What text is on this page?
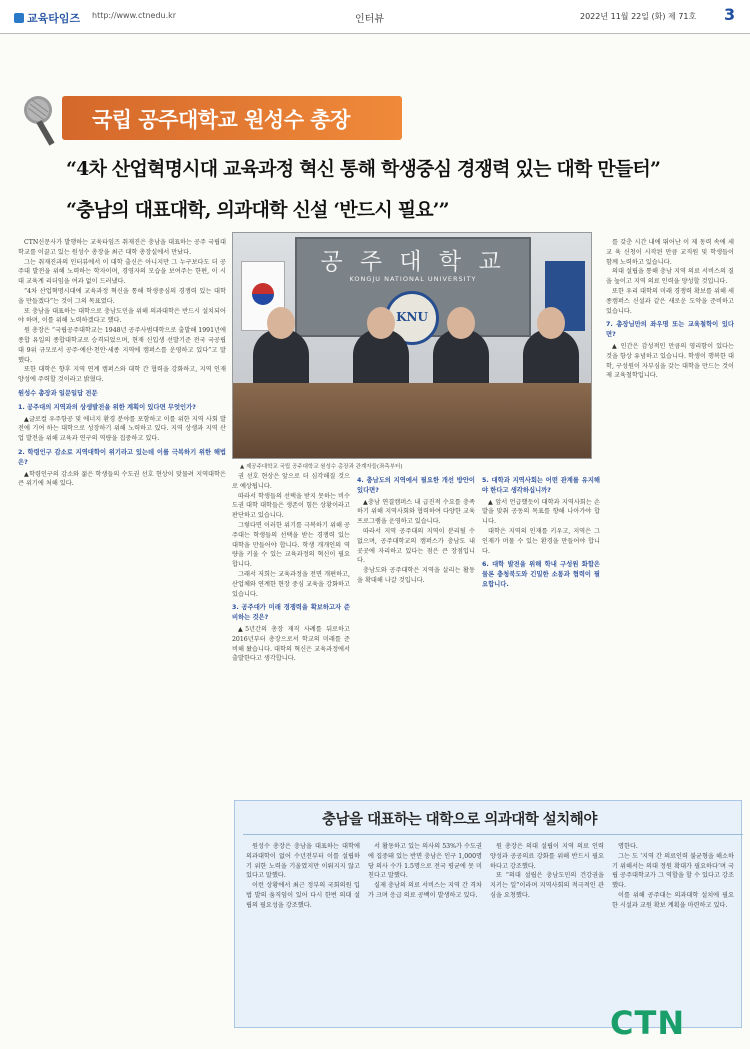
교육타임즈 http://www.ctnedu.kr	인터뷰	2022년 11월 22일 (화) 제 71호 3
국립 공주대학교 원성수 총장
“4차 산업혁명시대 교육과정 혁신 통해 학생중심 경쟁력 있는 대학 만들터”
“충남의 대표대학, 의과대학 신설 ‘반드시 필요’”

CTN신문사가 발행하는 교육타임즈 취재진은 충남을 대표하는 공주 국립대학교를 이끌고 있는 원성수 총장을 최근 대학 총장실에서 만났다.

그는 취재진과의 인터뷰에서 이 대학 출신은 아니지만 그 누구보다도 더 공주대 발전을 위해 노력하는 학자이며, 경영자의 모습을 보여주는 한편, 이 시대 교육계 리더임을 여과 없이 드러냈다.

“4차 산업혁명시대에 교육과정 혁신을 통해 학생중심의 경쟁력 있는 대학을 만들겠다”는 것이 그의 목표였다.

또 충남을 대표하는 대학으로 충남도민을 위해 의과대학은 반드시 설치되어야 하며, 이를 위해 노력하겠다고 했다.

원 총장은 “국립공주대학교는 1948년 공주사범대학으로 출발해 1991년에 종합 유일의 종합대학교로 승격되었으며, 현재 신입생 선발기준 전국 국공립대 9위 규모로서 공주·예산·천안·세종 지역에 캠퍼스를 운영하고 있다”고 말했다.

또한 대학은 향후 지역 연계 캠퍼스와 대학 간 협력을 강화하고, 지역 인재 양성에 주력할 것이라고 밝혔다.

원성수 총장과 일문일답 전문

1. 공주대의 지역과의 상생발전을 위한 계획이 있다면 무엇인가?

▲글로컬 우주항공 및 에너지 환경 분야를 포함하고 이를 위한 지역 사회 발전에 기여 하는 대학으로 성장하기 위해 노력하고 있다. 지역 상생과 지역 산업 발전을 위해 교육과 연구의 역량을 집중하고 있다.

2. 학령인구 감소로 지역대학이 위기라고 있는데 이를 극복하기 위한 해법은?

▲학령인구의 감소와 젊은 학생들의 수도권 선호 현상이 맞물려 지역대학은 큰 위기에 처해 있다.

공 주 대 학 교
KONGJU NATIONAL UNIVERSITY
KNU
▲ 제공주대학교 국립 공주대학교 원성수 총장과 관계자들(좌측부터)

권 선호 현상은 앞으로 더 심각해질 것으로 예상됩니다.

따라서 학생들의 선택을 받지 못하는 비수도권 대학 대학들은 생존이 힘든 상황이라고 판단하고 있습니다.

그렇다면 이러한 위기를 극복하기 위해 공주대는 학생들의 선택을 받는 경쟁력 있는 대학을 만들어야 합니다. 학생 개개인의 역량을 키울 수 있는 교육과정의 혁신이 필요합니다.

그래서 저희는 교육과정을 전면 개편하고, 산업체와 연계한 현장 중심 교육을 강화하고 있습니다.

3. 공주대가 미래 경쟁력을 확보하고자 준비하는 것은?

▲5년간의 총장 재직 사례를 뒤로하고 2016년부터 총장으로서 학교의 미래를 준비해 왔습니다. 대학의 혁신은 교육과정에서 출발한다고 생각합니다.

4. 충남도의 지역에서 필요한 개선 방안이 있다면?

▲충남 연결캠퍼스 내 급진적 수요를 충족하기 위해 지역사회와 협력하여 다양한 교육 프로그램을 운영하고 있습니다.

따라서 지역 공주대의 지역이 분리될 수 없으며, 공주대학교의 캠퍼스가 충남도 내 곳곳에 자리하고 있다는 점은 큰 장점입니다.

충남도와 공주대학은 지역을 살리는 활동을 확대해 나갈 것입니다.

5. 대학과 지역사회는 어떤 관계를 유지해야 한다고 생각하십니까?

▲ 앞서 언급했듯이 대학과 지역사회는 손발을 맞춰 공동의 목표를 향해 나아가야 합니다.

대학은 지역의 인재를 키우고, 지역은 그 인재가 머물 수 있는 환경을 만들어야 합니다.

6. 대학 발전을 위해 학내 구성원 화합은 물론 충청북도와 긴밀한 소통과 협력이 필요합니다.

를 갖춘 시간 내에 뛰어난 이 제 동력 속에 세교 육 신청이 시작된 만큼 교직원 및 학생들이 함께 노력하고 있습니다.

의대 설립을 통해 충남 지역 의료 서비스의 질을 높이고 지역 의료 인력을 양성할 것입니다.

또한 우리 대학의 미래 경쟁력 확보를 위해 세종캠퍼스 신설과 같은 새로운 도약을 준비하고 있습니다.

7. 총장님만의 좌우명 또는 교육철학이 있다면?

▲ 인간은 감성적인 만큼의 영리함이 있다는 것을 항상 유념하고 있습니다. 학생이 행복한 대학, 구성원이 자부심을 갖는 대학을 만드는 것이 제 교육철학입니다.

충남을 대표하는 대학으로 의과대학 설치해야

원성수 총장은 충남을 대표하는 대학에 의과대학이 없어 수년전부터 이를 설립하기 위한 노력을 기울였지만 이뤄지지 않고 있다고 말했다.

이런 상황에서 최근 정부의 국회의원 입법 발의 움직임이 있어 다시 한번 의대 설립의 필요성을 강조했다.

서 활동하고 있는 의사의 53%가 수도권에 집중돼 있는 반면 충남은 인구 1,000명 당 의사 수가 1.5명으로 전국 평균에 못 미친다고 말했다.

실제 충남의 의료 서비스는 지역 간 격차가 크며 응급 의료 공백이 발생하고 있다.

원 총장은 의대 설립이 지역 의료 인력 양성과 공공의료 강화를 위해 반드시 필요하다고 강조했다.

또 “의대 설립은 충남도민의 건강권을 지키는 일”이라며 지역사회의 적극적인 관심을 요청했다.

명한다.

그는 도 ‘지역 간 의료인력 불균형을 해소하기 위해서는 의대 정원 확대가 필요하다’며 국립 공주대학교가 그 역할을 할 수 있다고 강조했다.

이를 위해 공주대는 의과대학 설치에 필요한 시설과 교원 확보 계획을 마련하고 있다.

CTN
